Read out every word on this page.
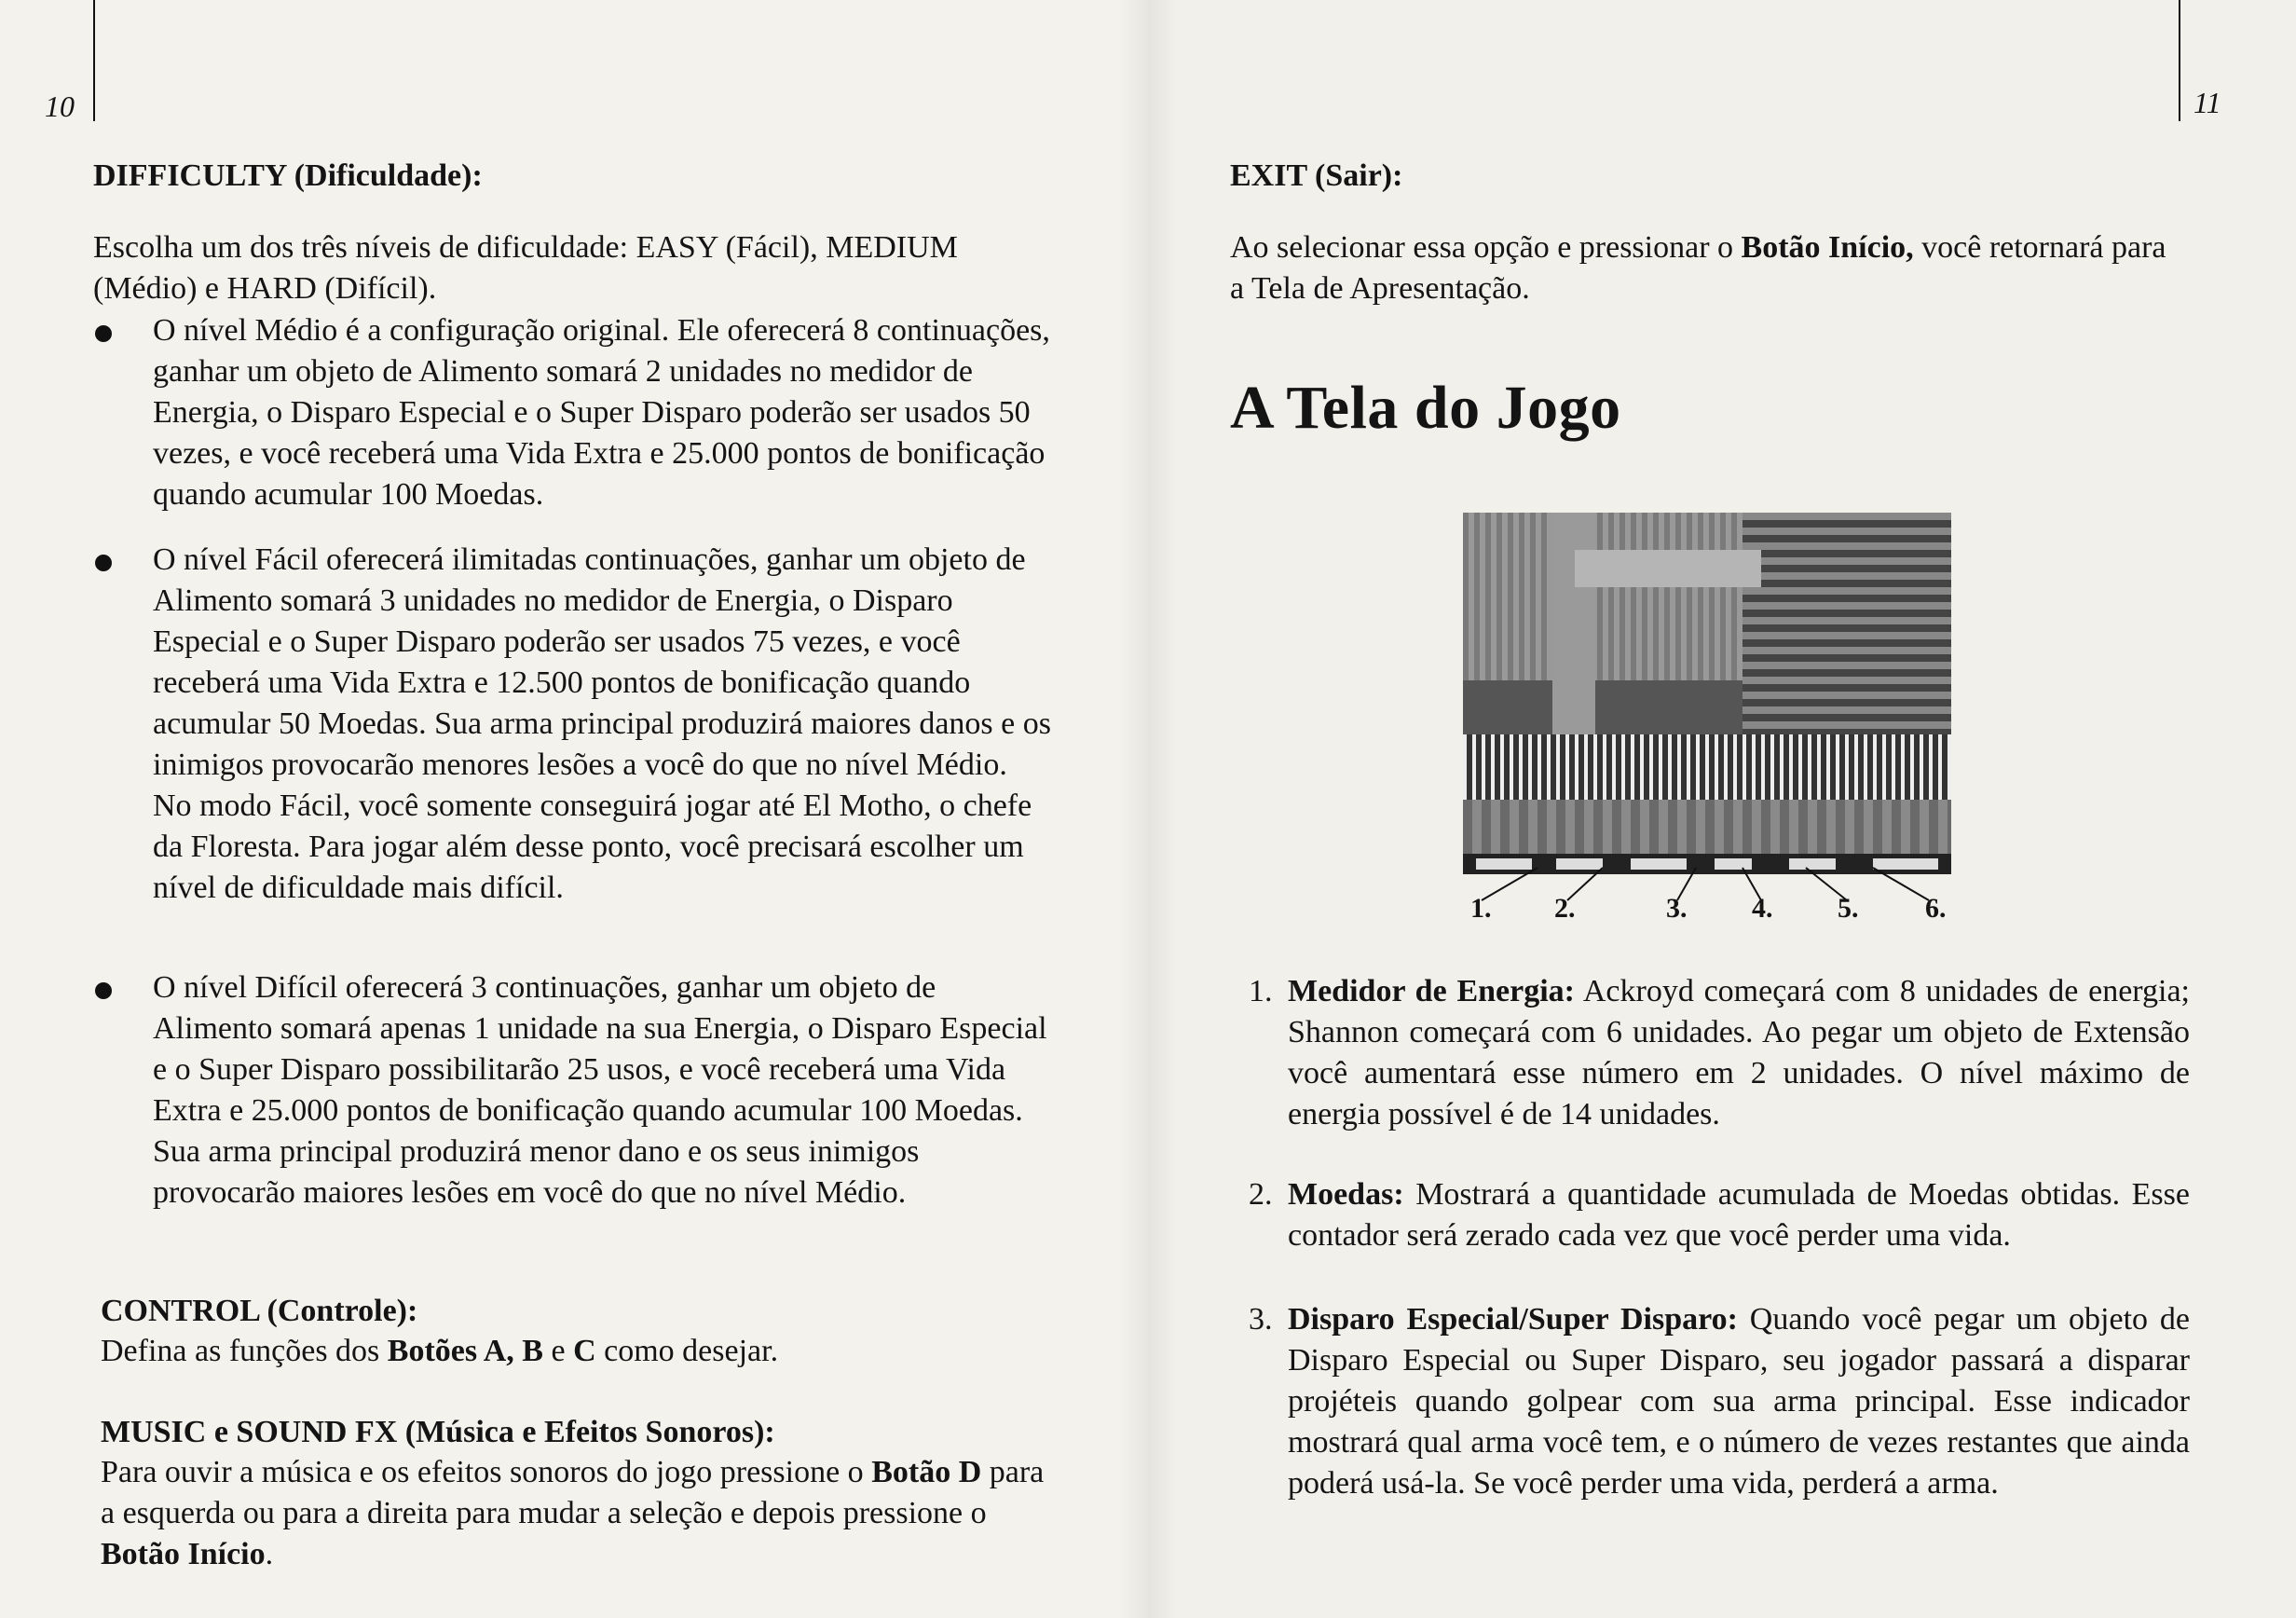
10	11

DIFFICULTY (Dificuldade):

Escolha um dos três níveis de dificuldade: EASY (Fácil), MEDIUM (Médio) e HARD (Difícil).

O nível Médio é a configuração original. Ele oferecerá 8 continuações, ganhar um objeto de Alimento somará 2 unidades no medidor de Energia, o Disparo Especial e o Super Disparo poderão ser usados 50 vezes, e você receberá uma Vida Extra e 25.000 pontos de bonificação quando acumular 100 Moedas.

O nível Fácil oferecerá ilimitadas continuações, ganhar um objeto de Alimento somará 3 unidades no medidor de Energia, o Disparo Especial e o Super Disparo poderão ser usados 75 vezes, e você receberá uma Vida Extra e 12.500 pontos de bonificação quando acumular 50 Moedas. Sua arma principal produzirá maiores danos e os inimigos provocarão menores lesões a você do que no nível Médio. No modo Fácil, você somente conseguirá jogar até El Motho, o chefe da Floresta. Para jogar além desse ponto, você precisará escolher um nível de dificuldade mais difícil.

O nível Difícil oferecerá 3 continuações, ganhar um objeto de Alimento somará apenas 1 unidade na sua Energia, o Disparo Especial e o Super Disparo possibilitarão 25 usos, e você receberá uma Vida Extra e 25.000 pontos de bonificação quando acumular 100 Moedas. Sua arma principal produzirá menor dano e os seus inimigos provocarão maiores lesões em você do que no nível Médio.

CONTROL (Controle):

Defina as funções dos Botões A, B e C como desejar.

MUSIC e SOUND FX (Música e Efeitos Sonoros):

Para ouvir a música e os efeitos sonoros do jogo pressione o Botão D para a esquerda ou para a direita para mudar a seleção e depois pressione o Botão Início.

EXIT (Sair):

Ao selecionar essa opção e pressionar o Botão Início, você retornará para a Tela de Apresentação.

A Tela do Jogo
1. 2.	3. 4. 5. 6.
1. Medidor de Energia: Ackroyd começará com 8 unidades de energia; Shannon começará com 6 unidades. Ao pegar um objeto de Extensão você aumentará esse número em 2 unidades. O nível máximo de energia possível é de 14 unidades.

2. Moedas: Mostrará a quantidade acumulada de Moedas obtidas. Esse contador será zerado cada vez que você perder uma vida.

3. Disparo Especial/Super Disparo: Quando você pegar um objeto de Disparo Especial ou Super Disparo, seu jogador passará a disparar projéteis quando golpear com sua arma principal. Esse indicador mostrará qual arma você tem, e o número de vezes restantes que ainda poderá usá-la. Se você perder uma vida, perderá a arma.
